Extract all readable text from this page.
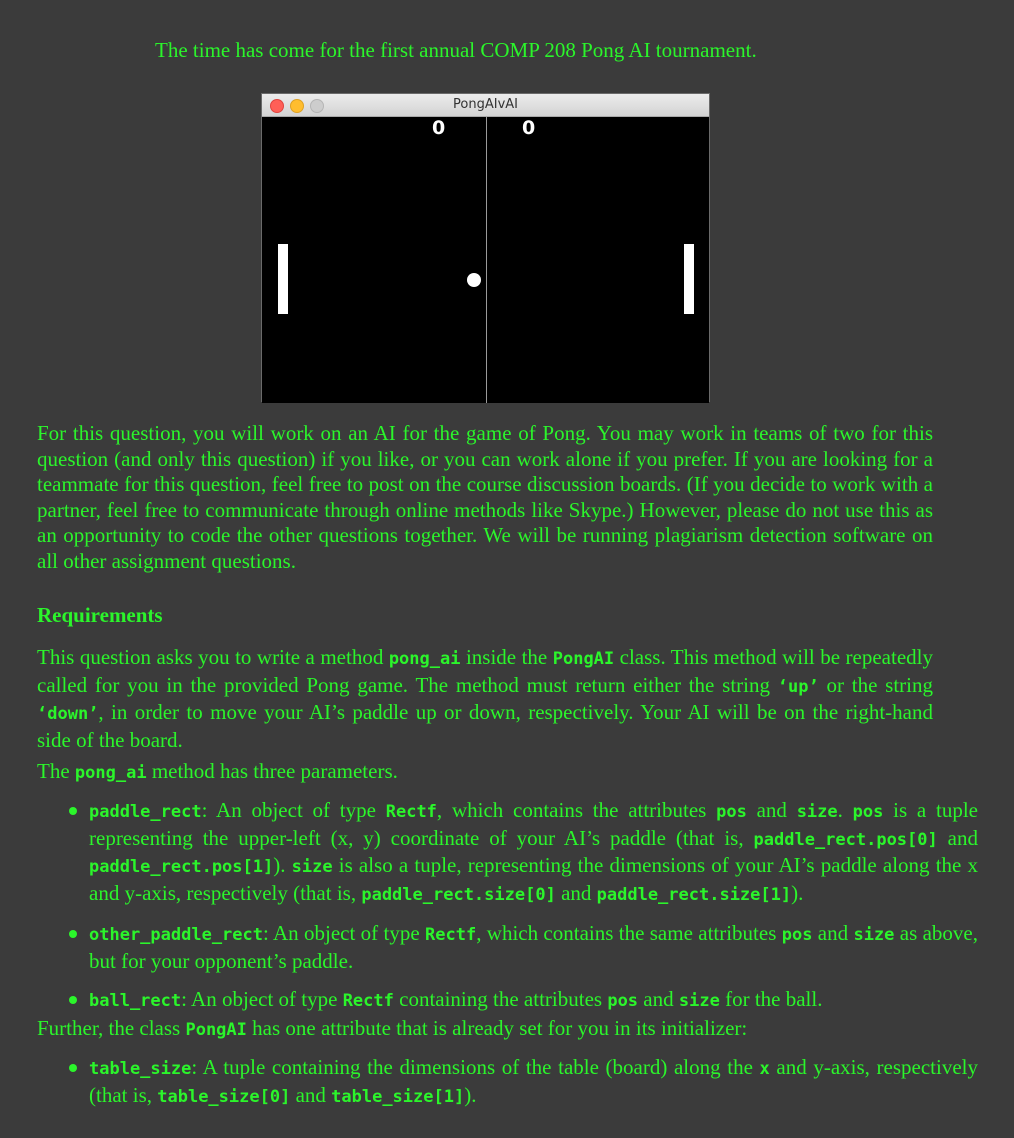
The time has come for the first annual COMP 208 Pong AI tournament.
PongAIvAI
0	0
For this question, you will work on an AI for the game of Pong. You may work in teams of two for this question (and only this question) if you like, or you can work alone if you prefer. If you are looking for a teammate for this question, feel free to post on the course discussion boards. (If you decide to work with a partner, feel free to communicate through online methods like Skype.) However, please do not use this as an opportunity to code the other questions together. We will be running plagiarism detection software on all other assignment questions.
Requirements
This question asks you to write a method pong_ai inside the PongAI class. This method will be repeatedly called for you in the provided Pong game. The method must return either the string ‘up’ or the string ‘down’, in order to move your AI’s paddle up or down, respectively. Your AI will be on the right-hand side of the board.
The pong_ai method has three parameters.
paddle_rect: An object of type Rectf, which contains the attributes pos and size. pos is a tuple representing the upper-left (x, y) coordinate of your AI’s paddle (that is, paddle_rect.pos[0] and paddle_rect.pos[1]). size is also a tuple, representing the dimensions of your AI’s paddle along the x and y-axis, respectively (that is, paddle_rect.size[0] and paddle_rect.size[1]).
other_paddle_rect: An object of type Rectf, which contains the same attributes pos and size as above, but for your opponent’s paddle.
ball_rect: An object of type Rectf containing the attributes pos and size for the ball.
Further, the class PongAI has one attribute that is already set for you in its initializer:
table_size: A tuple containing the dimensions of the table (board) along the x and y-axis, respectively (that is, table_size[0] and table_size[1]).
